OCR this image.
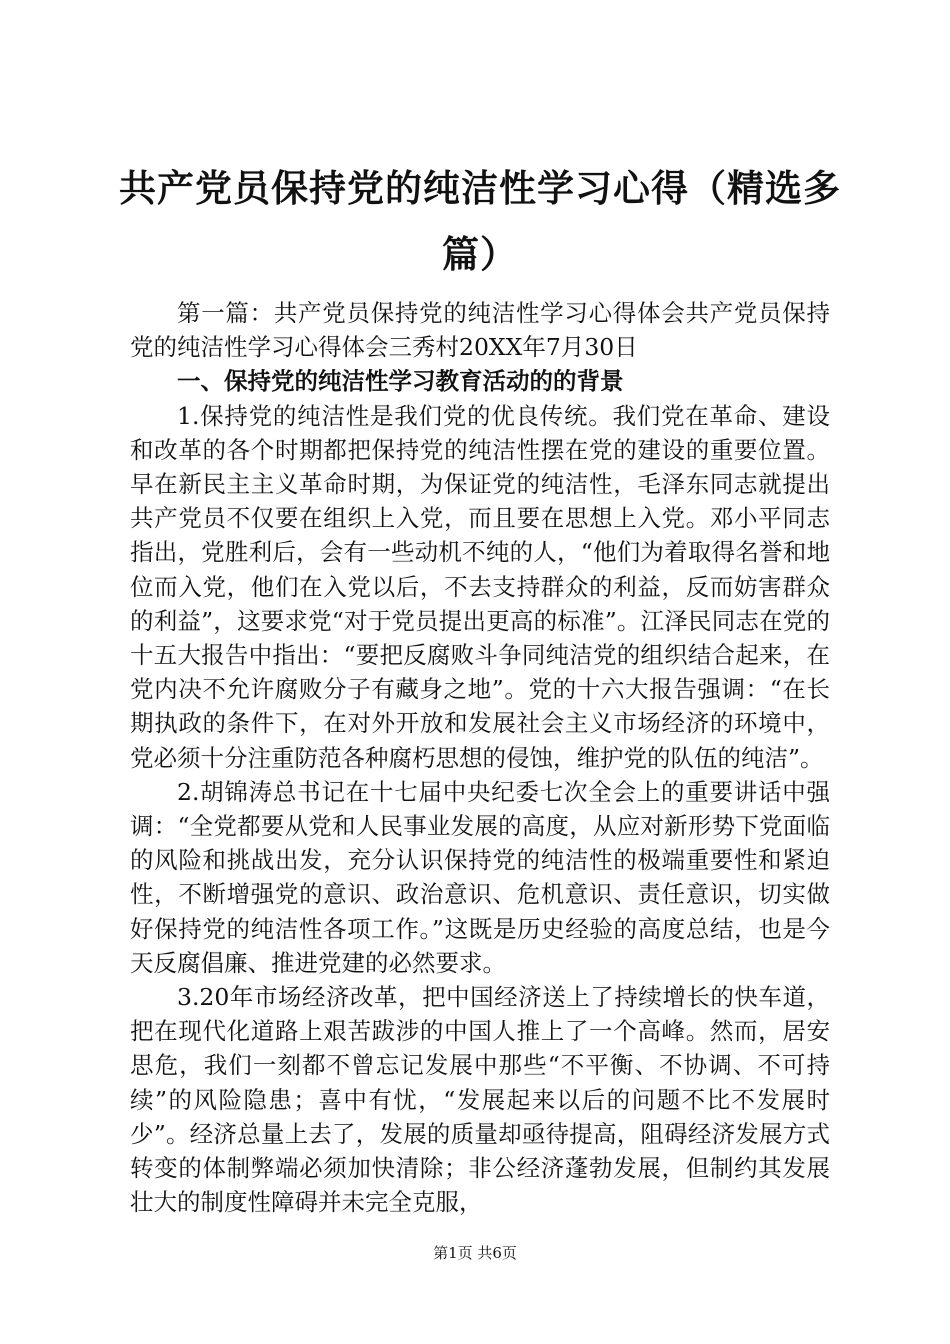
共产党员保持党的纯洁性学习心得（精选多篇）

第一篇：共产党员保持党的纯洁性学习心得体会共产党员保持党的纯洁性学习心得体会三秀村20XX年7月30日

一、保持党的纯洁性学习教育活动的的背景

1.保持党的纯洁性是我们党的优良传统。我们党在革命、建设和改革的各个时期都把保持党的纯洁性摆在党的建设的重要位置。早在新民主主义革命时期，为保证党的纯洁性，毛泽东同志就提出共产党员不仅要在组织上入党，而且要在思想上入党。邓小平同志指出，党胜利后，会有一些动机不纯的人，“他们为着取得名誉和地位而入党，他们在入党以后，不去支持群众的利益，反而妨害群众的利益”，这要求党“对于党员提出更高的标准”。江泽民同志在党的十五大报告中指出：“要把反腐败斗争同纯洁党的组织结合起来，在党内决不允许腐败分子有藏身之地”。党的十六大报告强调：“在长期执政的条件下，在对外开放和发展社会主义市场经济的环境中，党必须十分注重防范各种腐朽思想的侵蚀，维护党的队伍的纯洁”。

2.胡锦涛总书记在十七届中央纪委七次全会上的重要讲话中强调：“全党都要从党和人民事业发展的高度，从应对新形势下党面临的风险和挑战出发，充分认识保持党的纯洁性的极端重要性和紧迫性，不断增强党的意识、政治意识、危机意识、责任意识，切实做好保持党的纯洁性各项工作。”这既是历史经验的高度总结，也是今天反腐倡廉、推进党建的必然要求。

3.20年市场经济改革，把中国经济送上了持续增长的快车道，把在现代化道路上艰苦跋涉的中国人推上了一个高峰。然而，居安思危，我们一刻都不曾忘记发展中那些“不平衡、不协调、不可持续”的风险隐患；喜中有忧，“发展起来以后的问题不比不发展时少”。经济总量上去了，发展的质量却亟待提高，阻碍经济发展方式转变的体制弊端必须加快清除；非公经济蓬勃发展，但制约其发展壮大的制度性障碍并未完全克服，

第1页 共6页
